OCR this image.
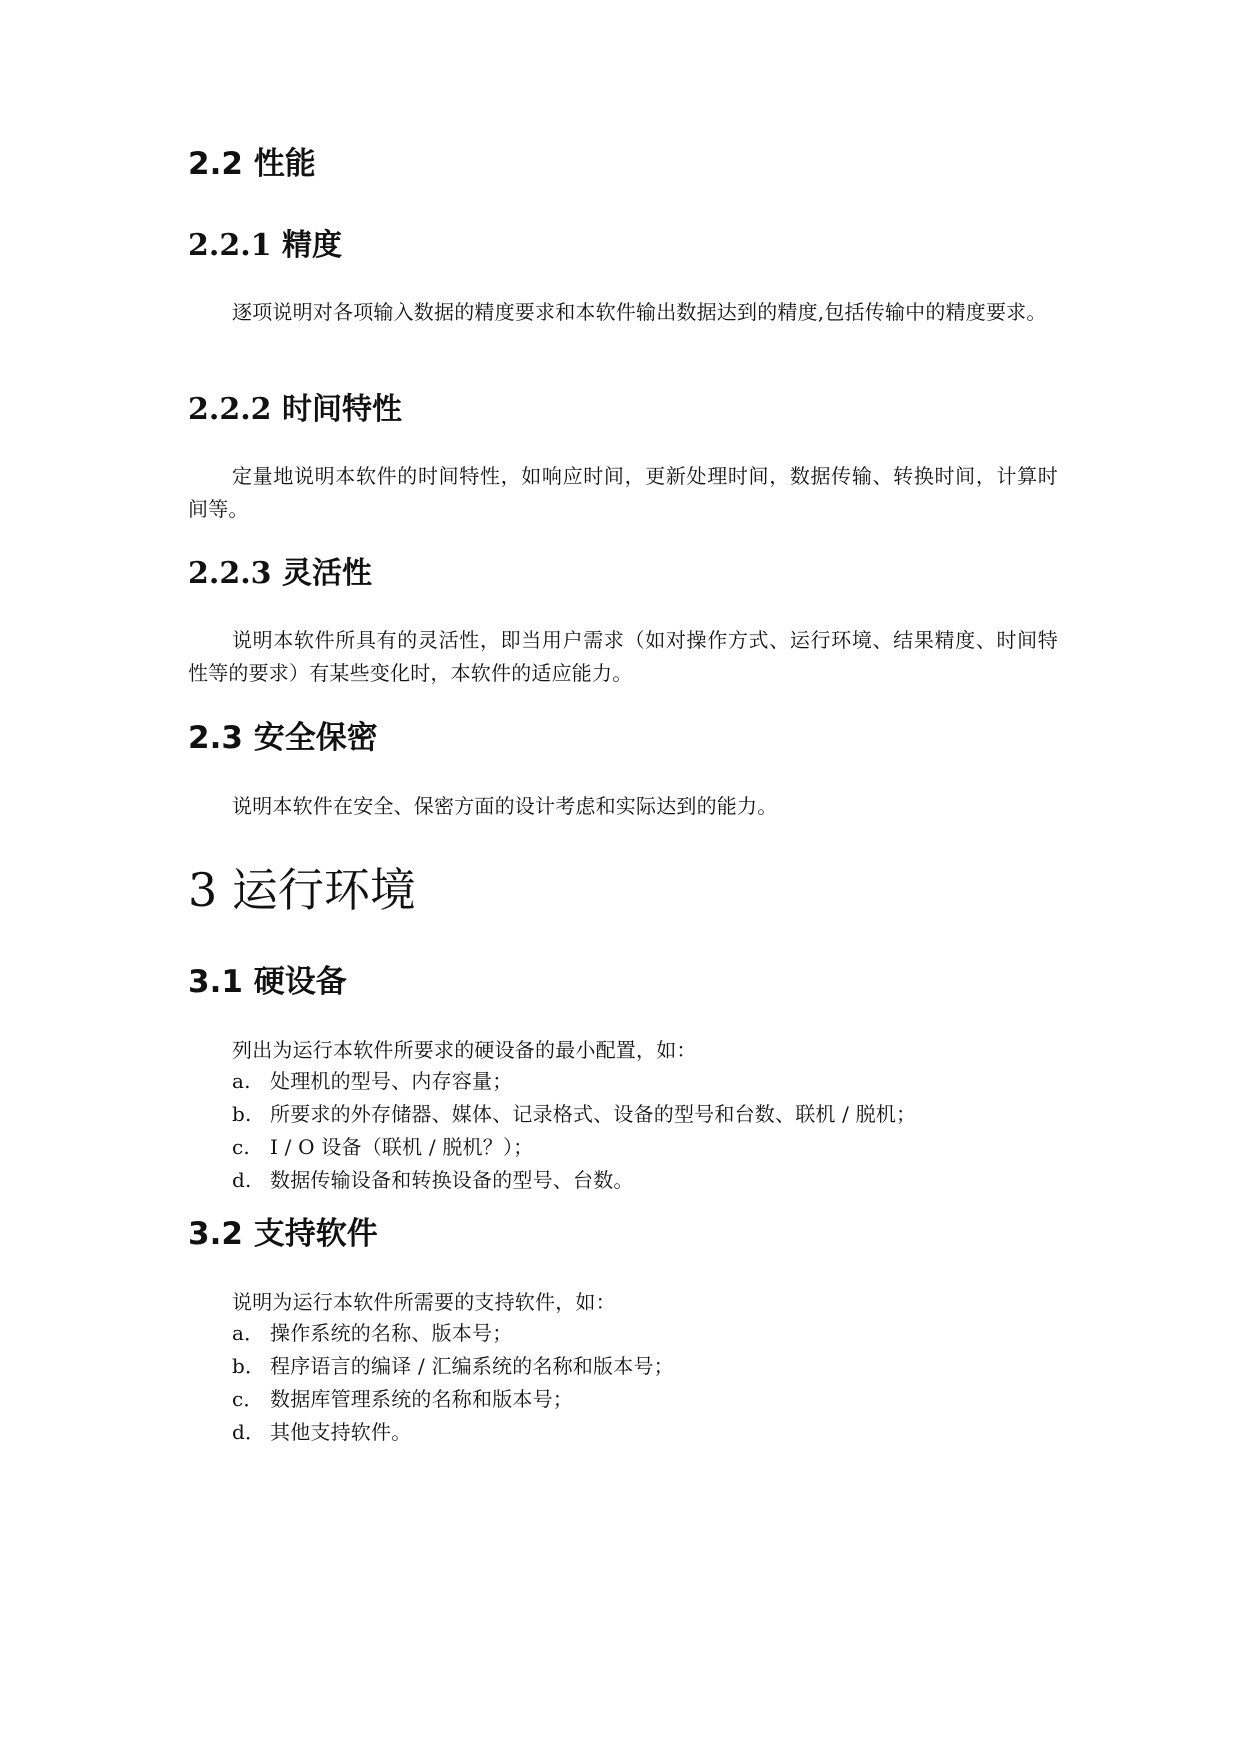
2.2 性能
2.2.1 精度

逐项说明对各项输入数据的精度要求和本软件输出数据达到的精度,包括传输中的精度要求。

2.2.2 时间特性

定量地说明本软件的时间特性，如响应时间，更新处理时间，数据传输、转换时间，计算时间等。

2.2.3 灵活性

说明本软件所具有的灵活性，即当用户需求（如对操作方式、运行环境、结果精度、时间特性等的要求）有某些变化时，本软件的适应能力。

2.3 安全保密

说明本软件在安全、保密方面的设计考虑和实际达到的能力。

3 运行环境
3.1 硬设备

列出为运行本软件所要求的硬设备的最小配置，如：

a. 处理机的型号、内存容量；
b. 所要求的外存储器、媒体、记录格式、设备的型号和台数、联机 / 脱机；
c. I / O 设备（联机 / 脱机？）；
d. 数据传输设备和转换设备的型号、台数。
3.2 支持软件

说明为运行本软件所需要的支持软件，如：

a． 操作系统的名称、版本号；
b． 程序语言的编译 / 汇编系统的名称和版本号；
c． 数据库管理系统的名称和版本号；
d． 其他支持软件。
